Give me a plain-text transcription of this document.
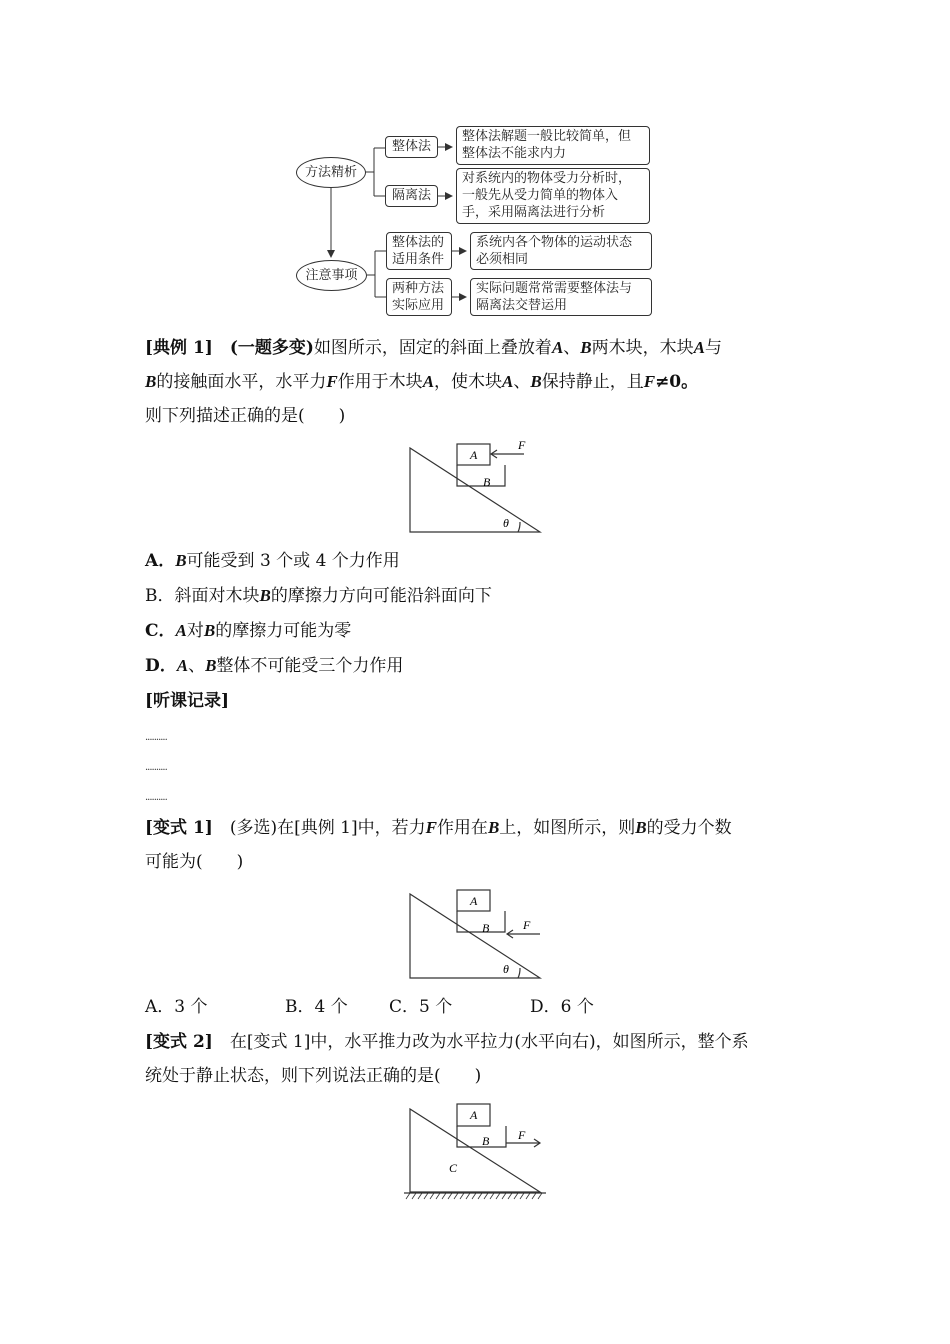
方法精析
整体法
整体法解题一般比较简单，但
整体法不能求内力
隔离法
对系统内的物体受力分析时，
一般先从受力简单的物体入
手，采用隔离法进行分析
注意事项
整体法的
适用条件
系统内各个物体的运动状态
必须相同
两种方法
实际应用
实际问题常常需要整体法与
隔离法交替运用
[典例 1]  (一题多变)如图所示，固定的斜面上叠放着A、B两木块，木块A与
B的接触面水平，水平力F作用于木块A，使木块A、B保持静止，且F≠0。
则下列描述正确的是(　　)
A
B
F
θ
A．B可能受到 3 个或 4 个力作用
B．斜面对木块B的摩擦力方向可能沿斜面向下
C．A对B的摩擦力可能为零
D．A、B整体不可能受三个力作用
[听课记录]
..........
..........
..........
[变式 1]  (多选)在[典例 1]中，若力F作用在B上，如图所示，则B的受力个数
可能为(　　)
A
B	F
θ
A．3 个	B．4 个 C．5 个	D．6 个
[变式 2]  在[变式 1]中，水平推力改为水平拉力(水平向右)，如图所示，整个系
统处于静止状态，则下列说法正确的是(　　)
A
B
C
F
